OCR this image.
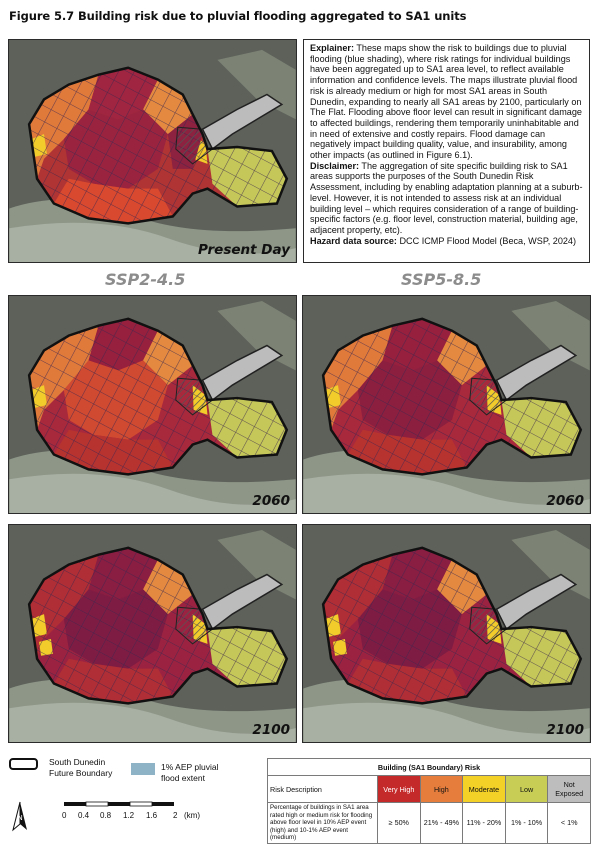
Figure 5.7 Building risk due to pluvial flooding aggregated to SA1 units
Present Day

Explainer: These maps show the risk to buildings due to pluvial flooding (blue shading), where risk ratings for individual buildings have been aggregated up to SA1 area level, to reflect available information and confidence levels. The maps illustrate pluvial flood risk is already medium or high for most SA1 areas in South Dunedin, expanding to nearly all SA1 areas by 2100, particularly on The Flat. Flooding above floor level can result in significant damage to affected buildings, rendering them temporarily uninhabitable and in need of extensive and costly repairs. Flood damage can negatively impact building quality, value, and insurability, among other impacts (as outlined in Figure 6.1).

Disclaimer: The aggregation of site specific building risk to SA1 areas supports the purposes of the South Dunedin Risk Assessment, including by enabling adaptation planning at a suburb-level. However, it is not intended to assess risk at an individual building level – which requires consideration of a range of building-specific factors (e.g. floor level, construction material, building age, adjacent property, etc).

Hazard data source: DCC ICMP Flood Model (Beca, WSP, 2024)

SSP2-4.5	SSP5-8.5
2060	2060
2100	2100
South Dunedin Future Boundary
1% AEP pluvial flood extent
N	0 0.4 0.8 1.2 1.6 2 (km)
Building (SA1 Boundary) Risk					
Risk Description	Very High	High	Moderate	Low	Not Exposed
Percentage of buildings in SA1 area rated high or medium risk for flooding above floor level in 10% AEP event (high) and 10-1% AEP event (medium)	≥ 50%	21% - 49%	11% - 20%	1% - 10%	< 1%
